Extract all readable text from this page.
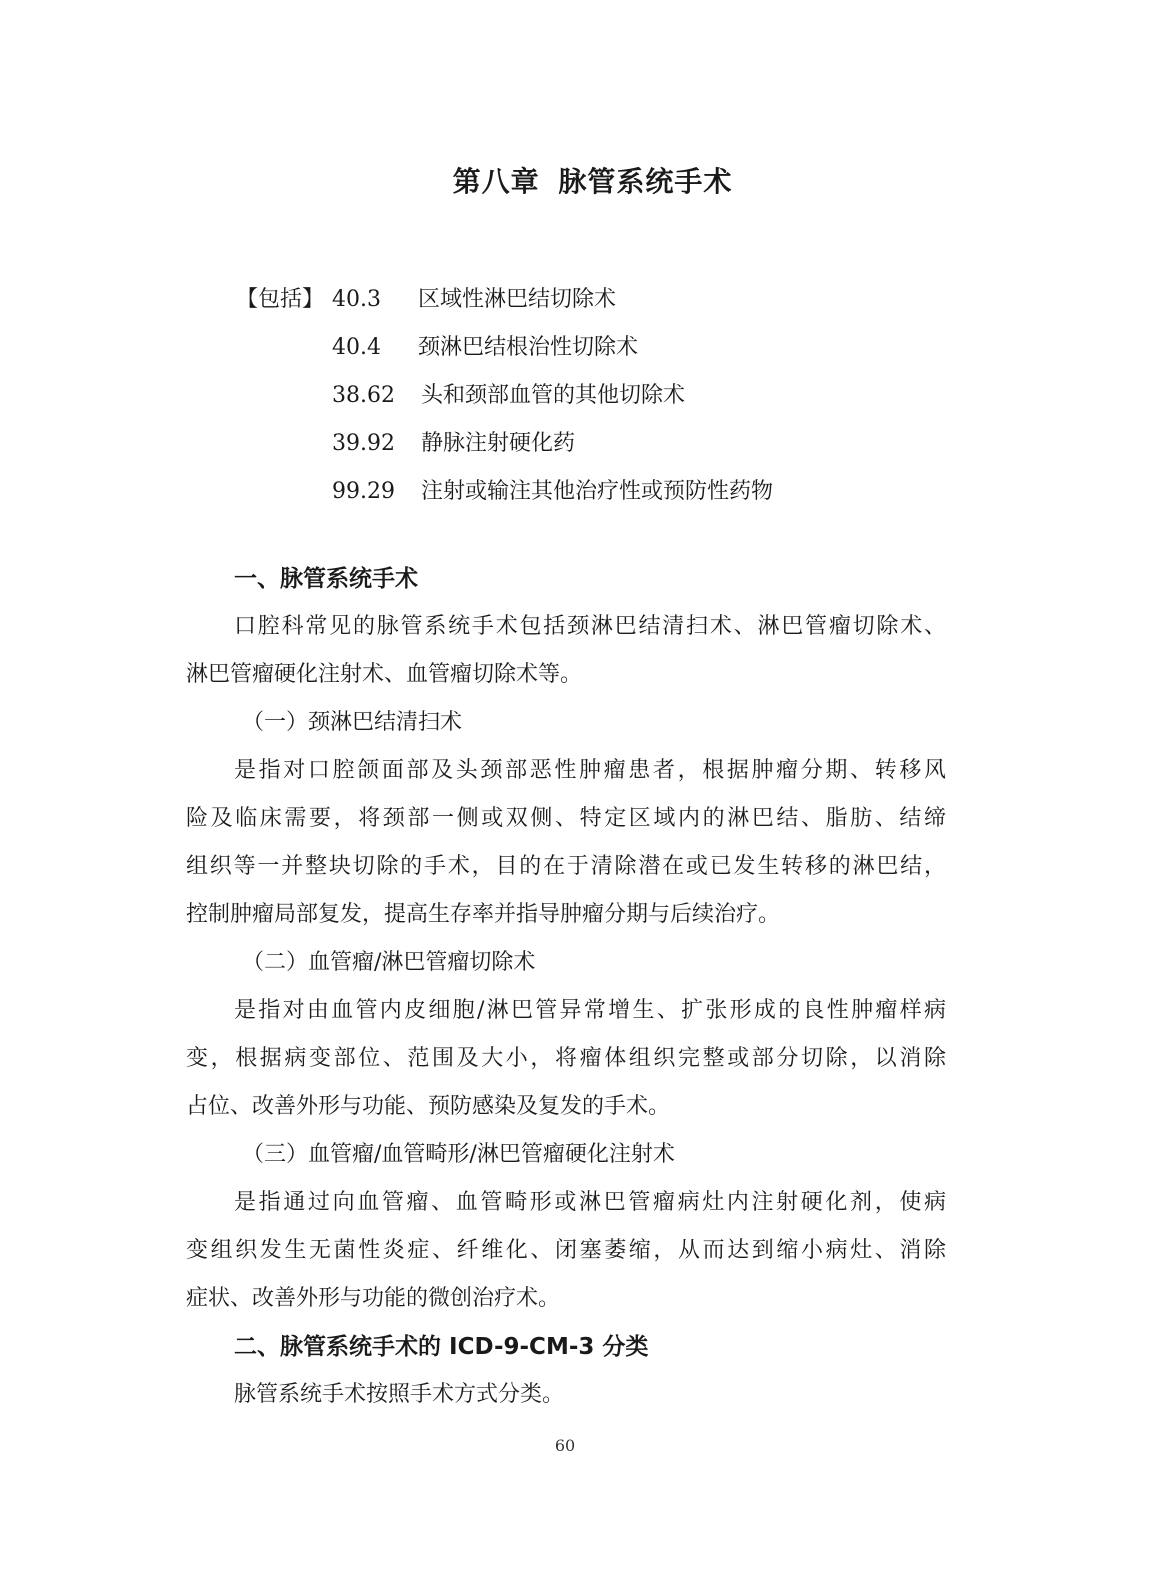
第八章 脉管系统手术
【包括】 40.3 区域性淋巴结切除术
40.4 颈淋巴结根治性切除术
38.62 头和颈部血管的其他切除术
39.92 静脉注射硬化药
99.29 注射或输注其他治疗性或预防性药物
一、脉管系统手术
口腔科常见的脉管系统手术包括颈淋巴结清扫术、淋巴管瘤切除术、
淋巴管瘤硬化注射术、血管瘤切除术等。
（一）颈淋巴结清扫术
是指对口腔颌面部及头颈部恶性肿瘤患者，根据肿瘤分期、转移风
险及临床需要，将颈部一侧或双侧、特定区域内的淋巴结、脂肪、结缔
组织等一并整块切除的手术，目的在于清除潜在或已发生转移的淋巴结，
控制肿瘤局部复发，提高生存率并指导肿瘤分期与后续治疗。
（二）血管瘤/淋巴管瘤切除术
是指对由血管内皮细胞/淋巴管异常增生、扩张形成的良性肿瘤样病
变，根据病变部位、范围及大小，将瘤体组织完整或部分切除，以消除
占位、改善外形与功能、预防感染及复发的手术。
（三）血管瘤/血管畸形/淋巴管瘤硬化注射术
是指通过向血管瘤、血管畸形或淋巴管瘤病灶内注射硬化剂，使病
变组织发生无菌性炎症、纤维化、闭塞萎缩，从而达到缩小病灶、消除
症状、改善外形与功能的微创治疗术。
二、脉管系统手术的 ICD-9-CM-3 分类
脉管系统手术按照手术方式分类。
60
